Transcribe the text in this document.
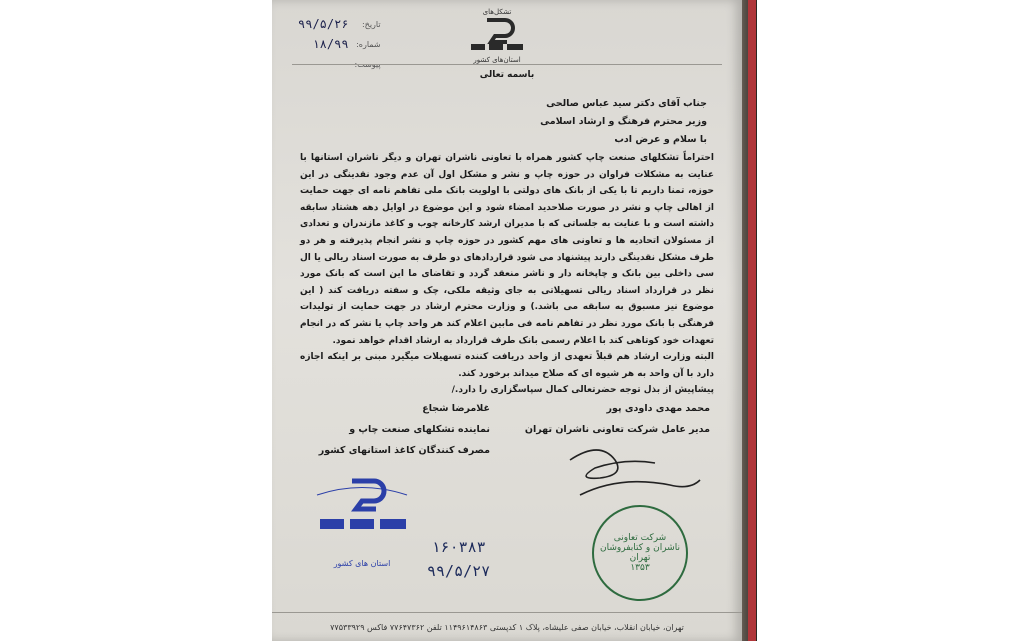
تاریخ:
۹۹/۵/۲۶
شماره:
۱۸/۹۹
پیوست:
تشکل‌های
استان‌های کشور
باسمه تعالی
جناب آقای دکتر سید عباس صالحی
وزیر محترم فرهنگ و ارشاد اسلامی
با سلام و عرض ادب

احتراماً تشکلهای صنعت چاپ کشور همراه با تعاونی ناشران تهران و دیگر ناشران استانها با عنایت به مشکلات فراوان در حوزه چاپ و نشر و مشکل اول آن عدم وجود نقدینگی در این حوزه، تمنا داریم تا با یکی از بانک های دولتی با اولویت بانک ملی تفاهم نامه ای جهت حمایت از اهالی چاپ و نشر در صورت صلاحدید امضاء شود و این موضوع در اوایل دهه هشتاد سابقه داشته است و با عنایت به جلساتی که با مدیران ارشد کارخانه چوب و کاغذ مازندران و تعدادی از مسئولان اتحادیه ها و تعاونی های مهم کشور در حوزه چاپ و نشر انجام پذیرفته و هر دو طرف مشکل نقدینگی دارند پیشنهاد می شود قراردادهای دو طرف به صورت اسناد ریالی یا ال سی داخلی بین بانک و چاپخانه دار و ناشر منعقد گردد و تقاضای ما این است که بانک مورد نظر در قرارداد اسناد ریالی تسهیلاتی به جای وثیقه ملکی، چک و سفته دریافت کند ( این موضوع نیز مسبوق به سابقه می باشد.) و وزارت محترم ارشاد در جهت حمایت از تولیدات فرهنگی با بانک مورد نظر در تفاهم نامه فی مابین اعلام کند هر واحد چاپ یا نشر که در انجام تعهدات خود کوتاهی کند با اعلام رسمی بانک طرف قرارداد به ارشاد اقدام خواهد نمود.

البته وزارت ارشاد هم قبلاً تعهدی از واحد دریافت کننده تسهیلات میگیرد مبنی بر اینکه اجازه دارد با آن واحد به هر شیوه ای که صلاح میداند برخورد کند.

پیشاپیش از بذل توجه حضرتعالی کمال سپاسگزاری را دارد./

محمد مهدی داودی پور
مدیر عامل شرکت تعاونی ناشران تهران
غلامرضا شجاع
نماینده تشکلهای صنعت چاپ و
مصرف کنندگان کاغذ استانهای کشور
استان های کشور
۱۶۰۳۸۳
۹۹/۵/۲۷
شرکت تعاونی
ناشران و کتابفروشان تهران
۱۳۵۳
تهران، خیابان انقلاب، خیابان صفی علیشاه، پلاک ۱ کدپستی ۱۱۴۹۶۱۴۸۶۳ تلفن ۷۷۶۴۷۳۶۲ فاکس ۷۷۵۳۳۹۲۹
